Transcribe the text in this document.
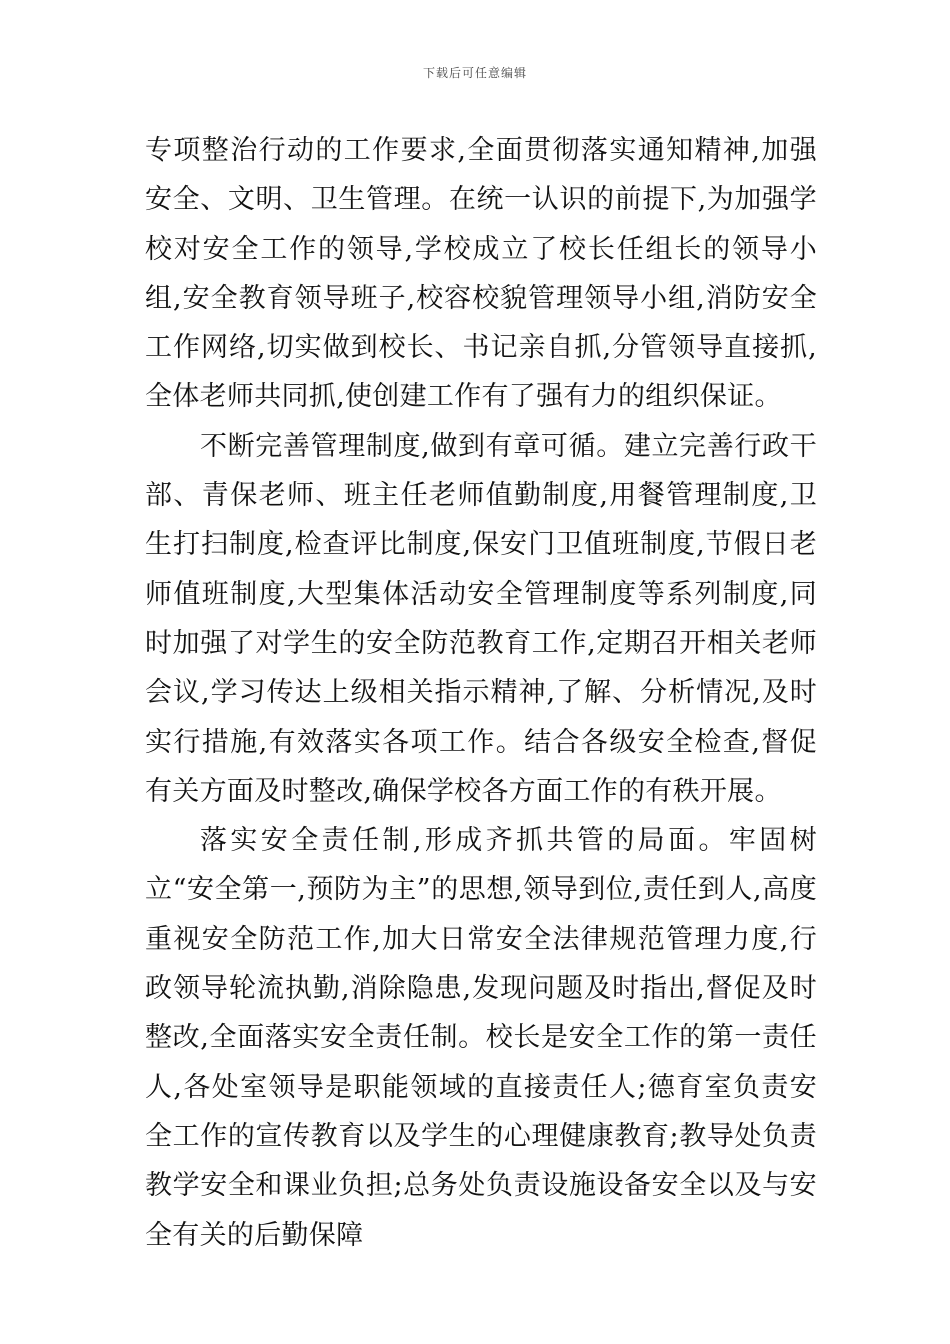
下载后可任意编辑

专项整治行动的工作要求,全面贯彻落实通知精神,加强安全、文明、卫生管理。在统一认识的前提下,为加强学校对安全工作的领导,学校成立了校长任组长的领导小组,安全教育领导班子,校容校貌管理领导小组,消防安全工作网络,切实做到校长、书记亲自抓,分管领导直接抓,全体老师共同抓,使创建工作有了强有力的组织保证。

不断完善管理制度,做到有章可循。建立完善行政干部、青保老师、班主任老师值勤制度,用餐管理制度,卫生打扫制度,检查评比制度,保安门卫值班制度,节假日老师值班制度,大型集体活动安全管理制度等系列制度,同时加强了对学生的安全防范教育工作,定期召开相关老师会议,学习传达上级相关指示精神,了解、分析情况,及时实行措施,有效落实各项工作。结合各级安全检查,督促有关方面及时整改,确保学校各方面工作的有秩开展。

落实安全责任制,形成齐抓共管的局面。牢固树立“安全第一,预防为主”的思想,领导到位,责任到人,高度重视安全防范工作,加大日常安全法律规范管理力度,行政领导轮流执勤,消除隐患,发现问题及时指出,督促及时整改,全面落实安全责任制。校长是安全工作的第一责任人,各处室领导是职能领域的直接责任人;德育室负责安全工作的宣传教育以及学生的心理健康教育;教导处负责教学安全和课业负担;总务处负责设施设备安全以及与安全有关的后勤保障
